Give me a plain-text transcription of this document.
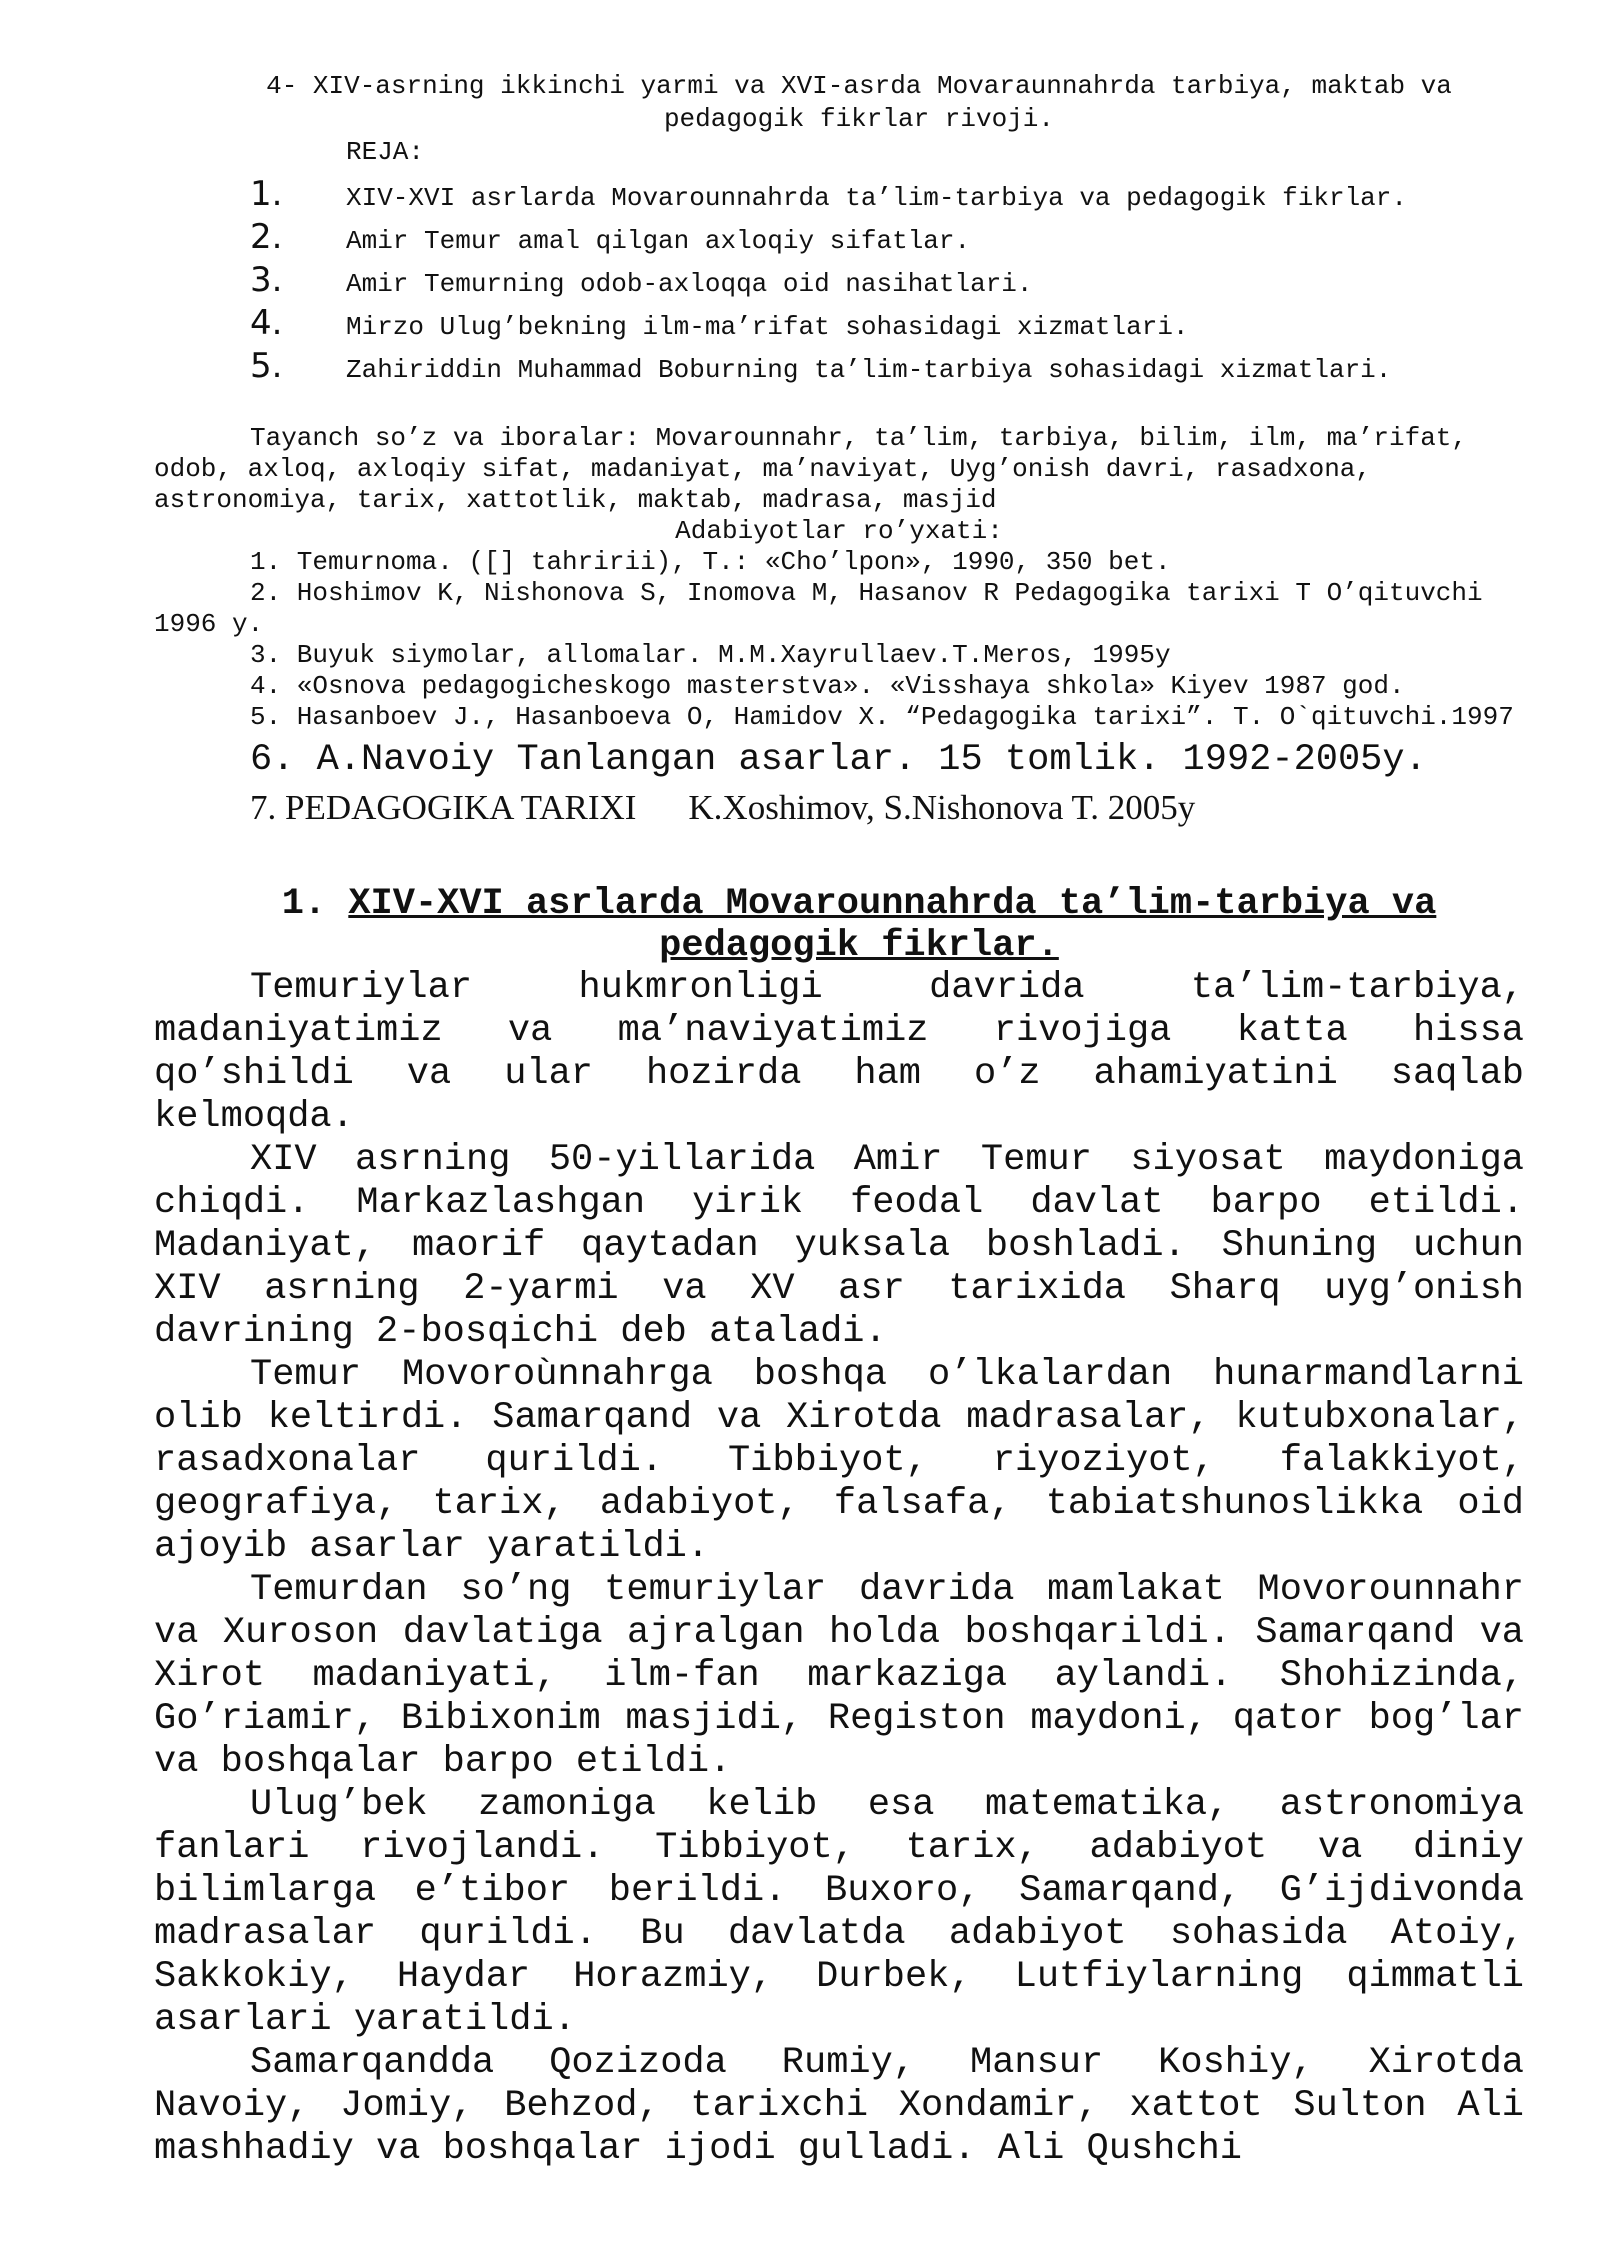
4- XIV-asrning ikkinchi yarmi va XVI-asrda Movaraunnahrda tarbiya, maktab va
pedagogik fikrlar rivoji.
REJA:
1.	XIV-XVI asrlarda Movarounnahrda ta’lim-tarbiya va pedagogik fikrlar.
2.	Amir Temur amal qilgan axloqiy sifatlar.
3.	Amir Temurning odob-axloqqa oid nasihatlari.
4.	Mirzo Ulug’bekning ilm-ma’rifat sohasidagi xizmatlari.
5.	Zahiriddin Muhammad Boburning ta’lim-tarbiya sohasidagi xizmatlari.
Tayanch so’z va iboralar: Movarounnahr, ta’lim, tarbiya, bilim, ilm, ma’rifat, odob, axloq, axloqiy sifat, madaniyat, ma’naviyat, Uyg’onish davri, rasadxona, astronomiya, tarix, xattotlik, maktab, madrasa, masjid
Adabiyotlar ro’yxati:
1. Temurnoma. ([] tahririi), T.: «Cho’lpon», 1990, 350 bet.
2. Hoshimov K, Nishonova S, Inomova M, Hasanov R Pedagogika tarixi T O’qituvchi 1996 y.
3. Buyuk siymolar, allomalar. M.M.Xayrullaev.T.Meros, 1995y
4. «Osnova pedagogicheskogo masterstva». «Visshaya shkola» Kiyev 1987 god.
5. Hasanboev J., Hasanboeva O, Hamidov X. “Pedagogika tarixi”. T. O`qituvchi.1997
6. A.Navoiy Tanlangan asarlar. 15 tomlik. 1992-2005y.
7. PEDAGOGIKA TARIXI K.Xoshimov, S.Nishonova T. 2005y
1. XIV-XVI asrlarda Movarounnahrda ta’lim-tarbiya va
pedagogik fikrlar.

Temuriylar hukmronligi davrida ta’lim-tarbiya, madaniyatimiz va ma’naviyatimiz rivojiga katta hissa qo’shildi va ular hozirda ham o’z ahamiyatini saqlab kelmoqda.

XIV asrning 50-yillarida Amir Temur siyosat maydoniga chiqdi. Markazlashgan yirik feodal davlat barpo etildi. Madaniyat, maorif qaytadan yuksala boshladi. Shuning uchun XIV asrning 2-yarmi va XV asr tarixida Sharq uyg’onish davrining 2-bosqichi deb ataladi.

Temur Movoroùnnahrga boshqa o’lkalardan hunarmandlarni olib keltirdi. Samarqand va Xirotda madrasalar, kutubxonalar, rasadxonalar qurildi. Tibbiyot, riyoziyot, falakkiyot, geografiya, tarix, adabiyot, falsafa, tabiatshunoslikka oid ajoyib asarlar yaratildi.

Temurdan so’ng temuriylar davrida mamlakat Movorounnahr va Xuroson davlatiga ajralgan holda boshqarildi. Samarqand va Xirot madaniyati, ilm-fan markaziga aylandi. Shohizinda, Go’riamir, Bibixonim masjidi, Registon maydoni, qator bog’lar va boshqalar barpo etildi.

Ulug’bek zamoniga kelib esa matematika, astronomiya fanlari rivojlandi. Tibbiyot, tarix, adabiyot va diniy bilimlarga e’tibor berildi. Buxoro, Samarqand, G’ijdivonda madrasalar qurildi. Bu davlatda adabiyot sohasida Atoiy, Sakkokiy, Haydar Horazmiy, Durbek, Lutfiylarning qimmatli asarlari yaratildi.

Samarqandda Qozizoda Rumiy, Mansur Koshiy, Xirotda Navoiy, Jomiy, Behzod, tarixchi Xondamir, xattot Sulton Ali mashhadiy va boshqalar ijodi gulladi. Ali Qushchi
